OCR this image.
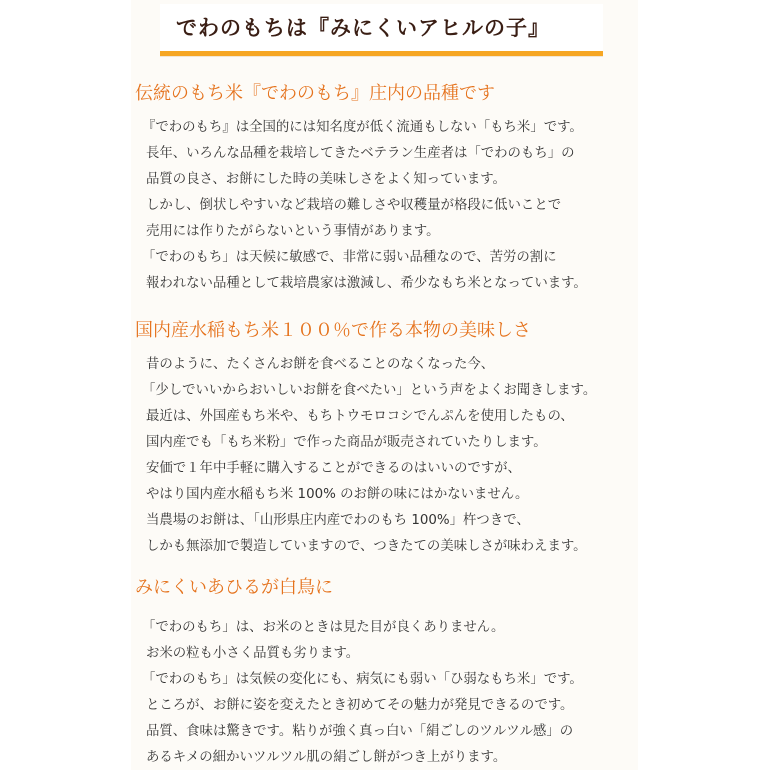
でわのもちは『みにくいアヒルの子』
伝統のもち米『でわのもち』庄内の品種です
『でわのもち』は全国的には知名度が低く流通もしない「もち米」です。
長年、いろんな品種を栽培してきたベテラン生産者は「でわのもち」の
品質の良さ、お餅にした時の美味しさをよく知っています。
しかし、倒状しやすいなど栽培の難しさや収穫量が格段に低いことで
売用には作りたがらないという事情があります。
「でわのもち」は天候に敏感で、非常に弱い品種なので、苦労の割に
報われない品種として栽培農家は激減し、希少なもち米となっています。
国内産水稲もち米１００％で作る本物の美味しさ
昔のように、たくさんお餅を食べることのなくなった今、
「少しでいいからおいしいお餅を食べたい」という声をよくお聞きします。
最近は、外国産もち米や、もちトウモロコシでんぷんを使用したもの、
国内産でも「もち米粉」で作った商品が販売されていたりします。
安価で１年中手軽に購入することができるのはいいのですが、
やはり国内産水稲もち米 100% のお餅の味にはかないません。
当農場のお餅は、「山形県庄内産でわのもち 100%」杵つきで、
しかも無添加で製造していますので、つきたての美味しさが味わえます。
みにくいあひるが白鳥に
「でわのもち」は、お米のときは見た目が良くありません。
お米の粒も小さく品質も劣ります。
「でわのもち」は気候の変化にも、病気にも弱い「ひ弱なもち米」です。
ところが、お餅に姿を変えたとき初めてその魅力が発見できるのです。
品質、食味は驚きです。粘りが強く真っ白い「絹ごしのツルツル感」の
あるキメの細かいツルツル肌の絹ごし餅がつき上がります。
